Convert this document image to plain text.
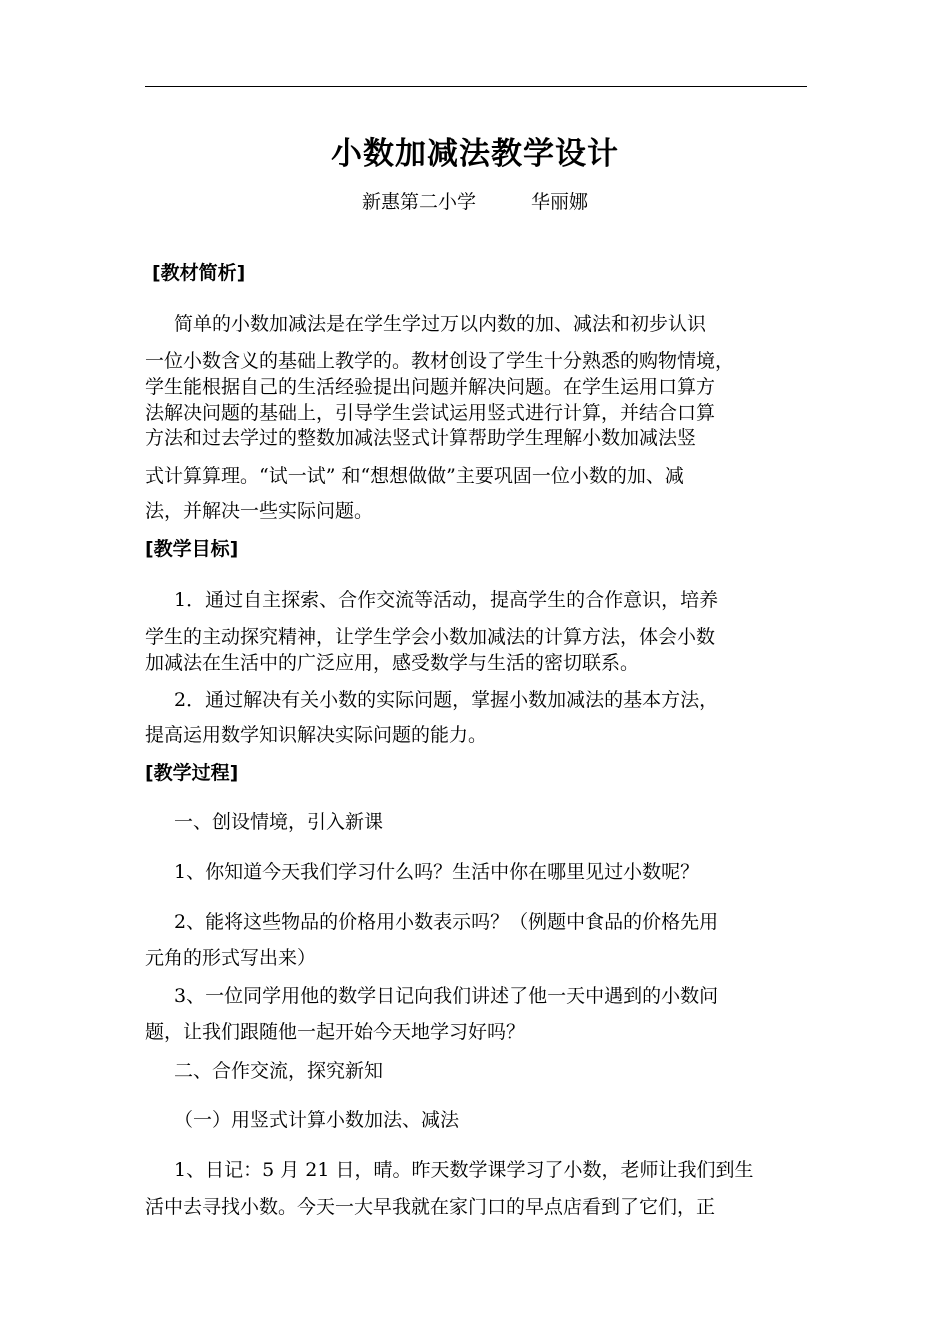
小数加减法教学设计
新惠第二小学	华丽娜
[教材简析]
简单的小数加减法是在学生学过万以内数的加、减法和初步认识
一位小数含义的基础上教学的。教材创设了学生十分熟悉的购物情境，
学生能根据自己的生活经验提出问题并解决问题。在学生运用口算方
法解决问题的基础上，引导学生尝试运用竖式进行计算，并结合口算
方法和过去学过的整数加减法竖式计算帮助学生理解小数加减法竖
式计算算理。“试一试” 和“想想做做”主要巩固一位小数的加、减
法，并解决一些实际问题。
[教学目标]
1．通过自主探索、合作交流等活动，提高学生的合作意识，培养
学生的主动探究精神，让学生学会小数加减法的计算方法，体会小数
加减法在生活中的广泛应用，感受数学与生活的密切联系。
2．通过解决有关小数的实际问题，掌握小数加减法的基本方法，
提高运用数学知识解决实际问题的能力。
[教学过程]
一、创设情境，引入新课
1、你知道今天我们学习什么吗？生活中你在哪里见过小数呢？
2、能将这些物品的价格用小数表示吗？（例题中食品的价格先用
元角的形式写出来）
3、一位同学用他的数学日记向我们讲述了他一天中遇到的小数问
题，让我们跟随他一起开始今天地学习好吗？
二、合作交流，探究新知
（一）用竖式计算小数加法、减法
1、日记：5 月 21 日，晴。昨天数学课学习了小数，老师让我们到生
活中去寻找小数。今天一大早我就在家门口的早点店看到了它们，正
